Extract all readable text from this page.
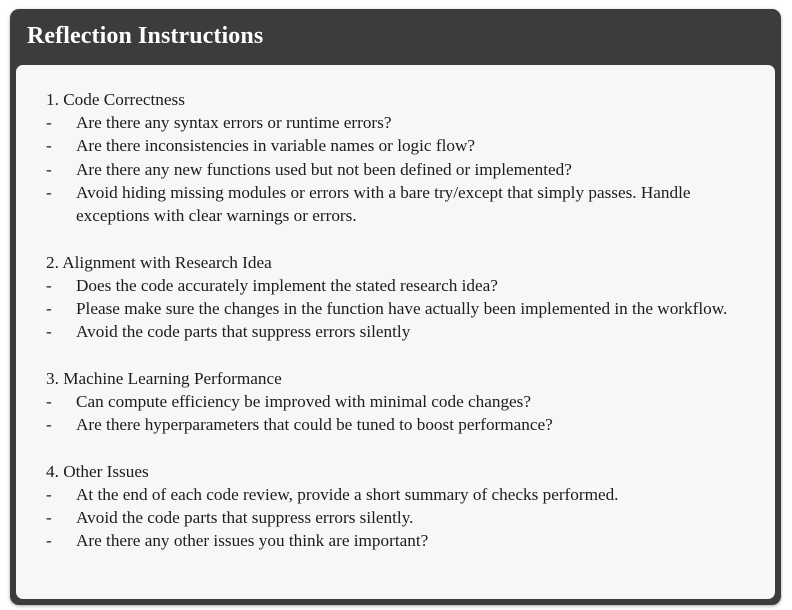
Reflection Instructions
1. Code Correctness
-	Are there any syntax errors or runtime errors?
-	Are there inconsistencies in variable names or logic flow?
-	Are there any new functions used but not been defined or implemented?
-	Avoid hiding missing modules or errors with a bare try/except that simply passes. Handle exceptions with clear warnings or errors.
2. Alignment with Research Idea
-	Does the code accurately implement the stated research idea?
-	Please make sure the changes in the function have actually been implemented in the workflow.
-	Avoid the code parts that suppress errors silently
3. Machine Learning Performance
-	Can compute efficiency be improved with minimal code changes?
-	Are there hyperparameters that could be tuned to boost performance?
4. Other Issues
-	At the end of each code review, provide a short summary of checks performed.
-	Avoid the code parts that suppress errors silently.
-	Are there any other issues you think are important?
